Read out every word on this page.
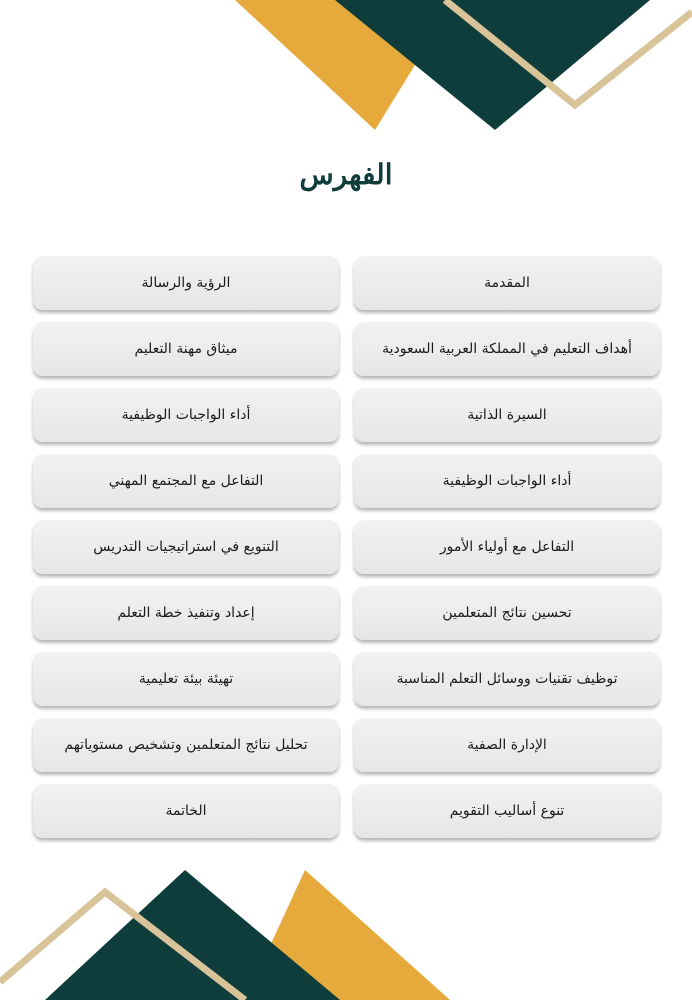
الفهرس
المقدمة
الرؤية والرسالة
أهداف التعليم في المملكة العربية السعودية
ميثاق مهنة التعليم
السيرة الذاتية
أداء الواجبات الوظيفية
أداء الواجبات الوظيفية
التفاعل مع المجتمع المهني
التفاعل مع أولياء الأمور
التنويع في استراتيجيات التدريس
تحسين نتائج المتعلمين
إعداد وتنفيذ خطة التعلم
توظيف تقنيات ووسائل التعلم المناسبة
تهيئة بيئة تعليمية
الإدارة الصفية
تحليل نتائج المتعلمين وتشخيص مستوياتهم
تنوع أساليب التقويم
الخاتمة
